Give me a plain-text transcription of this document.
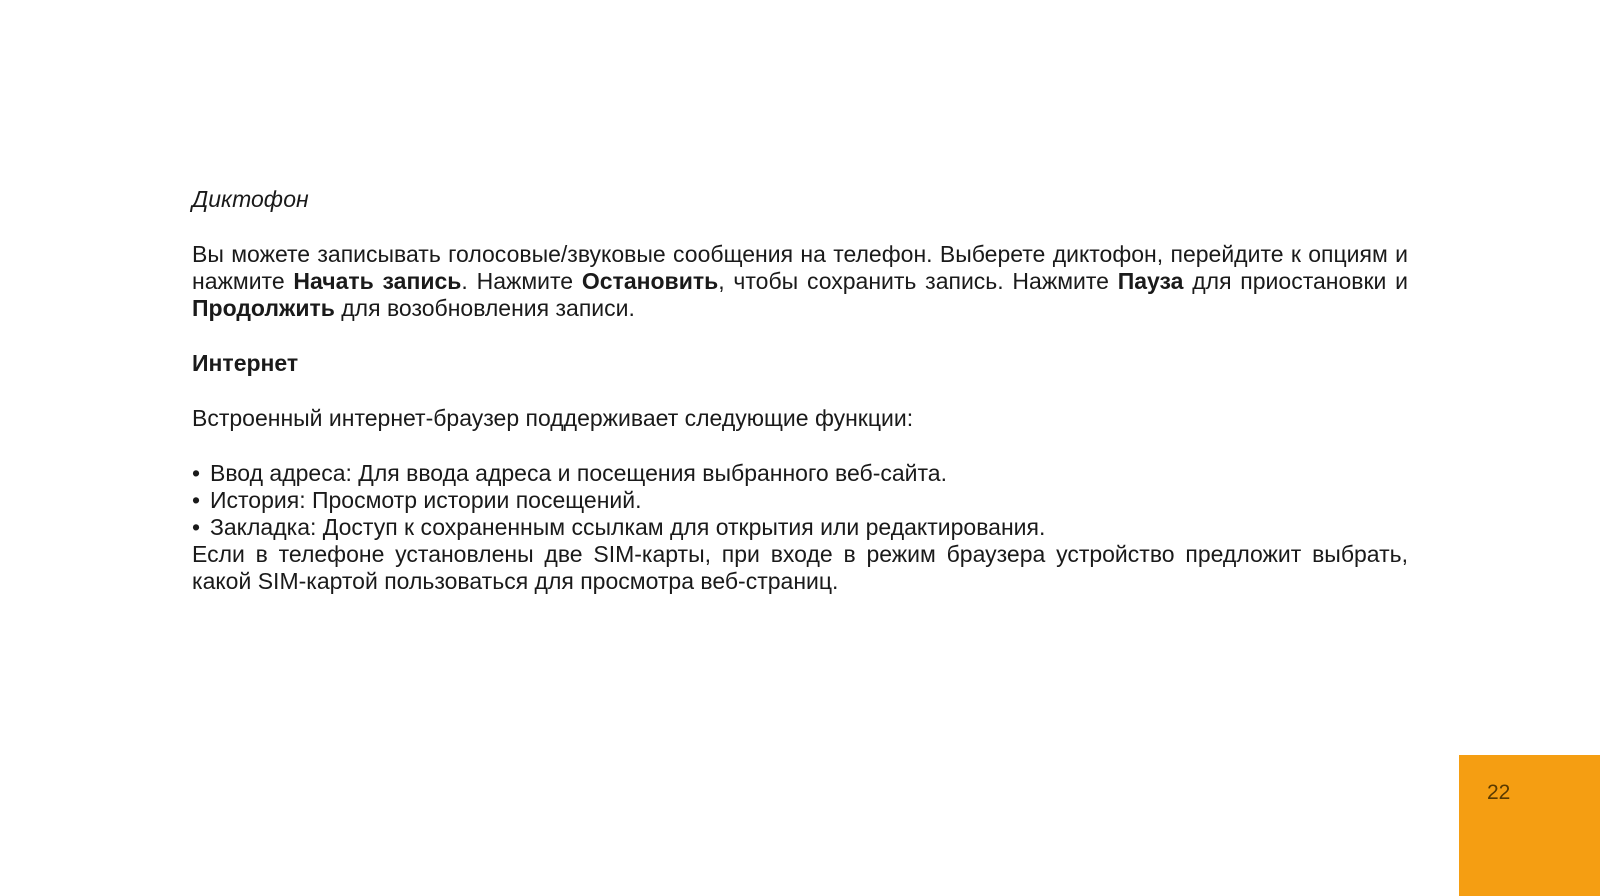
Диктофон

Вы можете записывать голосовые/звуковые сообщения на телефон. Выберете диктофон, перейдите к опциям и нажмите Начать запись. Нажмите Остановить, чтобы сохранить запись. Нажмите Пауза для приостановки и Продолжить для возобновления записи.

Интернет

Встроенный интернет-браузер поддерживает следующие функции:

• Ввод адреса: Для ввода адреса и посещения выбранного веб-сайта.
• История: Просмотр истории посещений.
• Закладка: Доступ к сохраненным ссылкам для открытия или редактирования.

Если в телефоне установлены две SIM-карты, при входе в режим браузера устройство предложит выбрать, какой SIM-картой пользоваться для просмотра веб-страниц.

22
